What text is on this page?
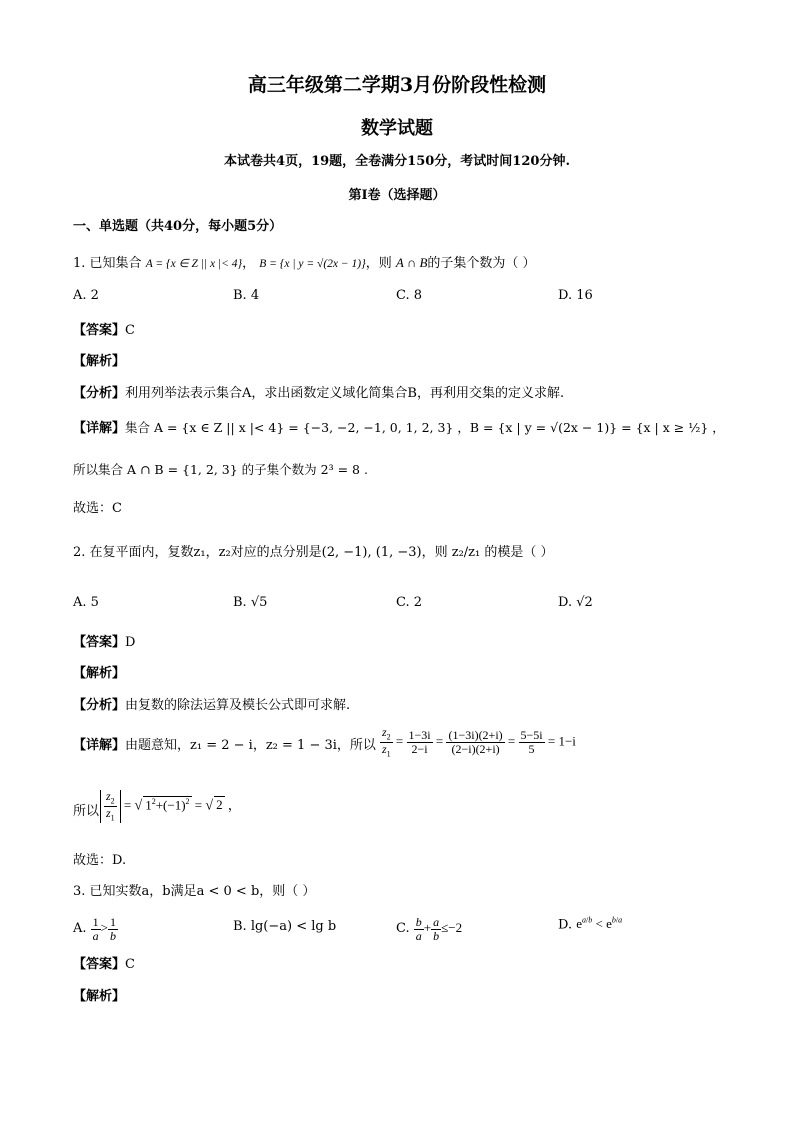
高三年级第二学期3月份阶段性检测
数学试题
本试卷共4页，19题，全卷满分150分，考试时间120分钟.
第I卷（选择题）
一、单选题（共40分，每小题5分）
1. 已知集合 A = {x ∈ Z || x |< 4}， B = {x | y = √(2x − 1)}，则 A ∩ B的子集个数为（ ）
A. 2	B. 4	C. 8	D. 16
【答案】C
【解析】
【分析】利用列举法表示集合A，求出函数定义域化简集合B，再利用交集的定义求解.
【详解】集合 A = {x ∈ Z || x |< 4} = {−3, −2, −1, 0, 1, 2, 3} ，B = {x | y = √(2x − 1)} = {x | x ≥ ½} ，
所以集合 A ∩ B = {1, 2, 3} 的子集个数为 2³ = 8 .
故选：C
2. 在复平面内，复数z₁，z₂对应的点分别是(2, −1), (1, −3)，则 z₂/z₁ 的模是（ ）
A. 5	B. √5	C. 2	D. √2
【答案】D
【解析】
【分析】由复数的除法运算及模长公式即可求解.
【详解】由题意知，z₁ = 2 − i，z₂ = 1 − 3i，所以 $\frac{z_2}{z_1} = \frac{1-3i}{2-i} = \frac{(1-3i)(2+i)}{(2-i)(2+i)} = \frac{5-5i}{5} = 1-i$
所以 $\frac{z_2}{z_1}$ = √ $1^2+(-1)^2$ = √ 2 ，
故选：D.
3. 已知实数a，b满足a < 0 < b，则（ ）
A. $\frac{1}{a} > \frac{1}{b}$	B. lg(−a) < lg b	C. $\frac{b}{a} + \frac{a}{b} \le-2$	D. $e^{a/b} < e^{b/a}$
【答案】C
【解析】
